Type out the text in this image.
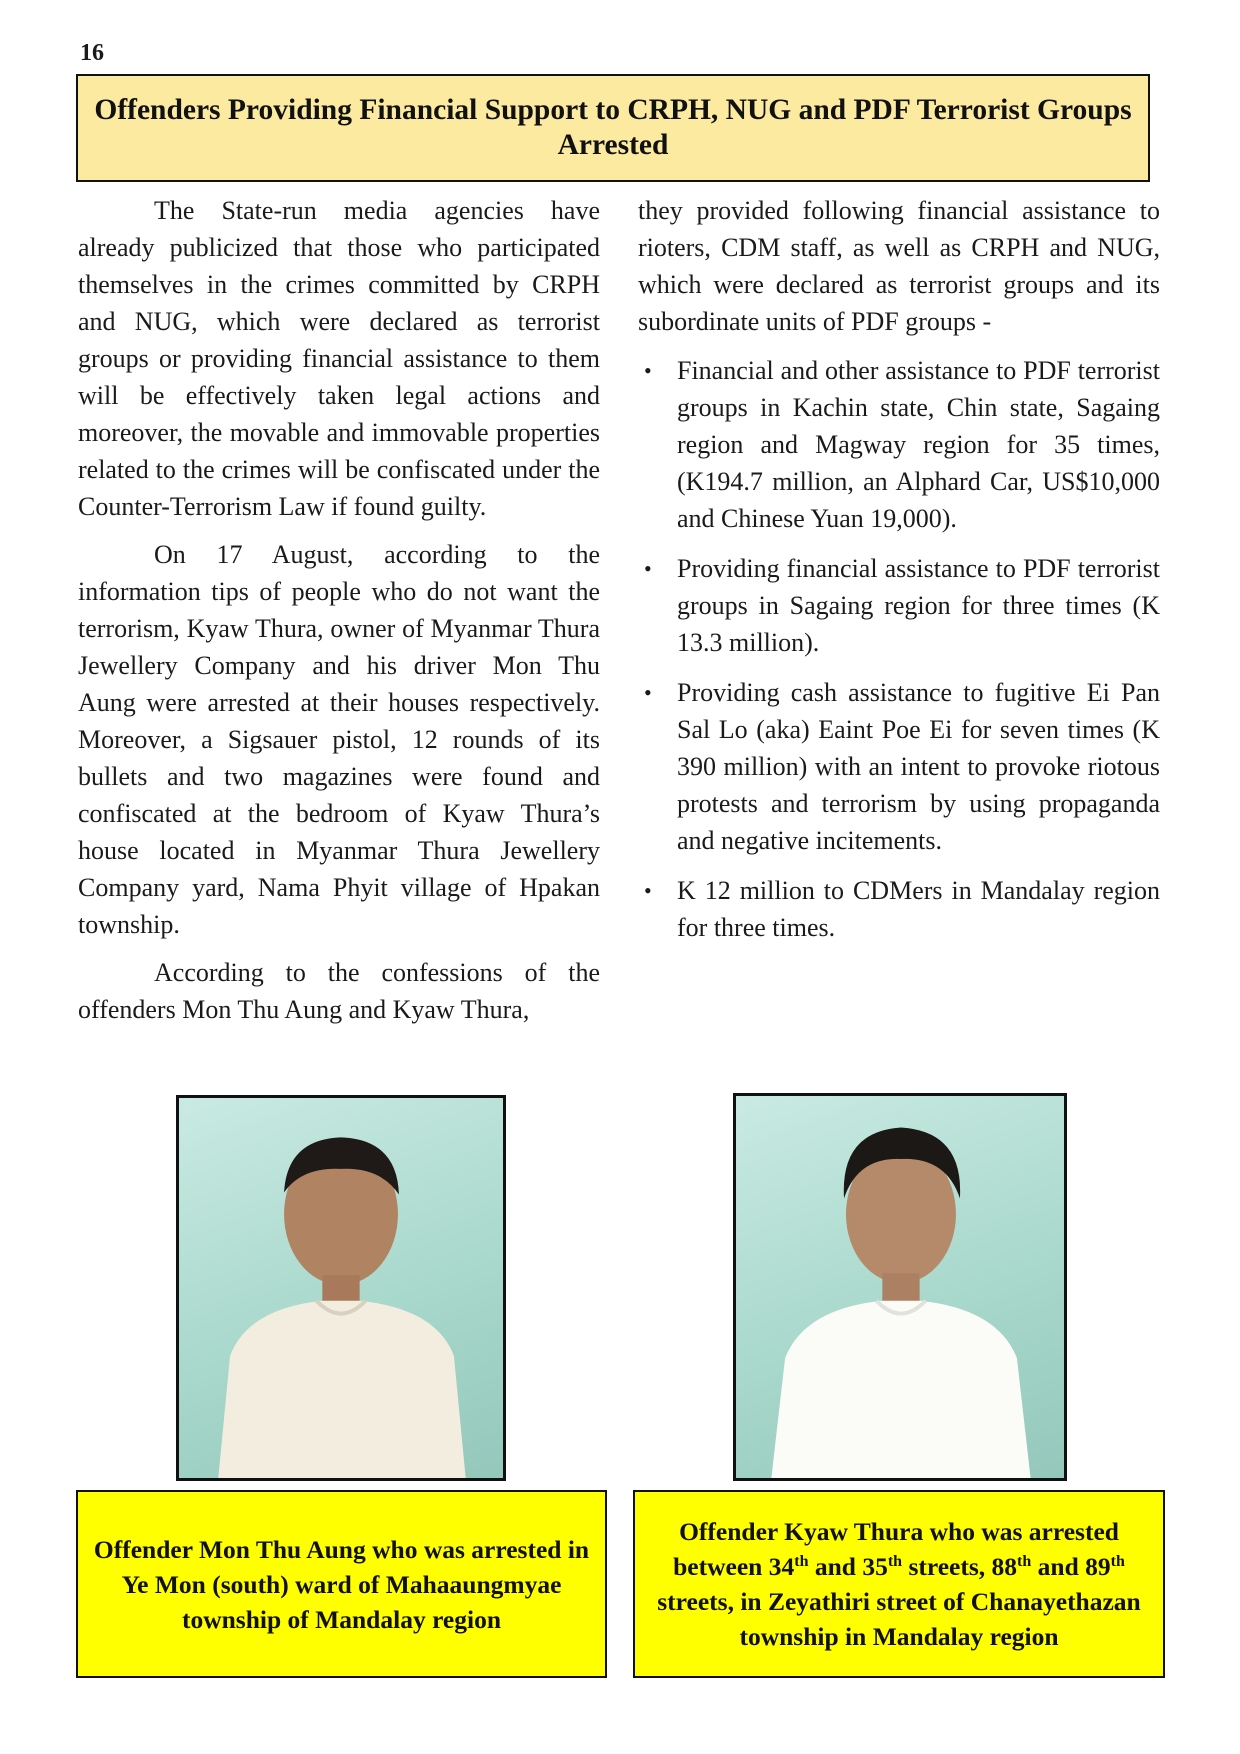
16
Offenders Providing Financial Support to CRPH, NUG and PDF Terrorist Groups Arrested

The State-run media agencies have already publicized that those who participated themselves in the crimes committed by CRPH and NUG, which were declared as terrorist groups or providing financial assistance to them will be effectively taken legal actions and moreover, the movable and immovable properties related to the crimes will be confiscated under the Counter-Terrorism Law if found guilty.

On 17 August, according to the information tips of people who do not want the terrorism, Kyaw Thura, owner of Myanmar Thura Jewellery Company and his driver Mon Thu Aung were arrested at their houses respectively. Moreover, a Sigsauer pistol, 12 rounds of its bullets and two magazines were found and confiscated at the bedroom of Kyaw Thura’s house located in Myanmar Thura Jewellery Company yard, Nama Phyit village of Hpakan township.

According to the confessions of the offenders Mon Thu Aung and Kyaw Thura,

they provided following financial assistance to rioters, CDM staff, as well as CRPH and NUG, which were declared as terrorist groups and its subordinate units of PDF groups -

• Financial and other assistance to PDF terrorist groups in Kachin state, Chin state, Sagaing region and Magway region for 35 times, (K194.7 million, an Alphard Car, US$10,000 and Chinese Yuan 19,000).
• Providing financial assistance to PDF terrorist groups in Sagaing region for three times (K 13.3 million).
• Providing cash assistance to fugitive Ei Pan Sal Lo (aka) Eaint Poe Ei for seven times (K 390 million) with an intent to provoke riotous protests and terrorism by using propaganda and negative incitements.
• K 12 million to CDMers in Mandalay region for three times.
Offender Mon Thu Aung who was arrested in Ye Mon (south) ward of Mahaaungmyae township of Mandalay region
Offender Kyaw Thura who was arrested between 34th and 35th streets, 88th and 89th streets, in Zeyathiri street of Chanayethazan township in Mandalay region
